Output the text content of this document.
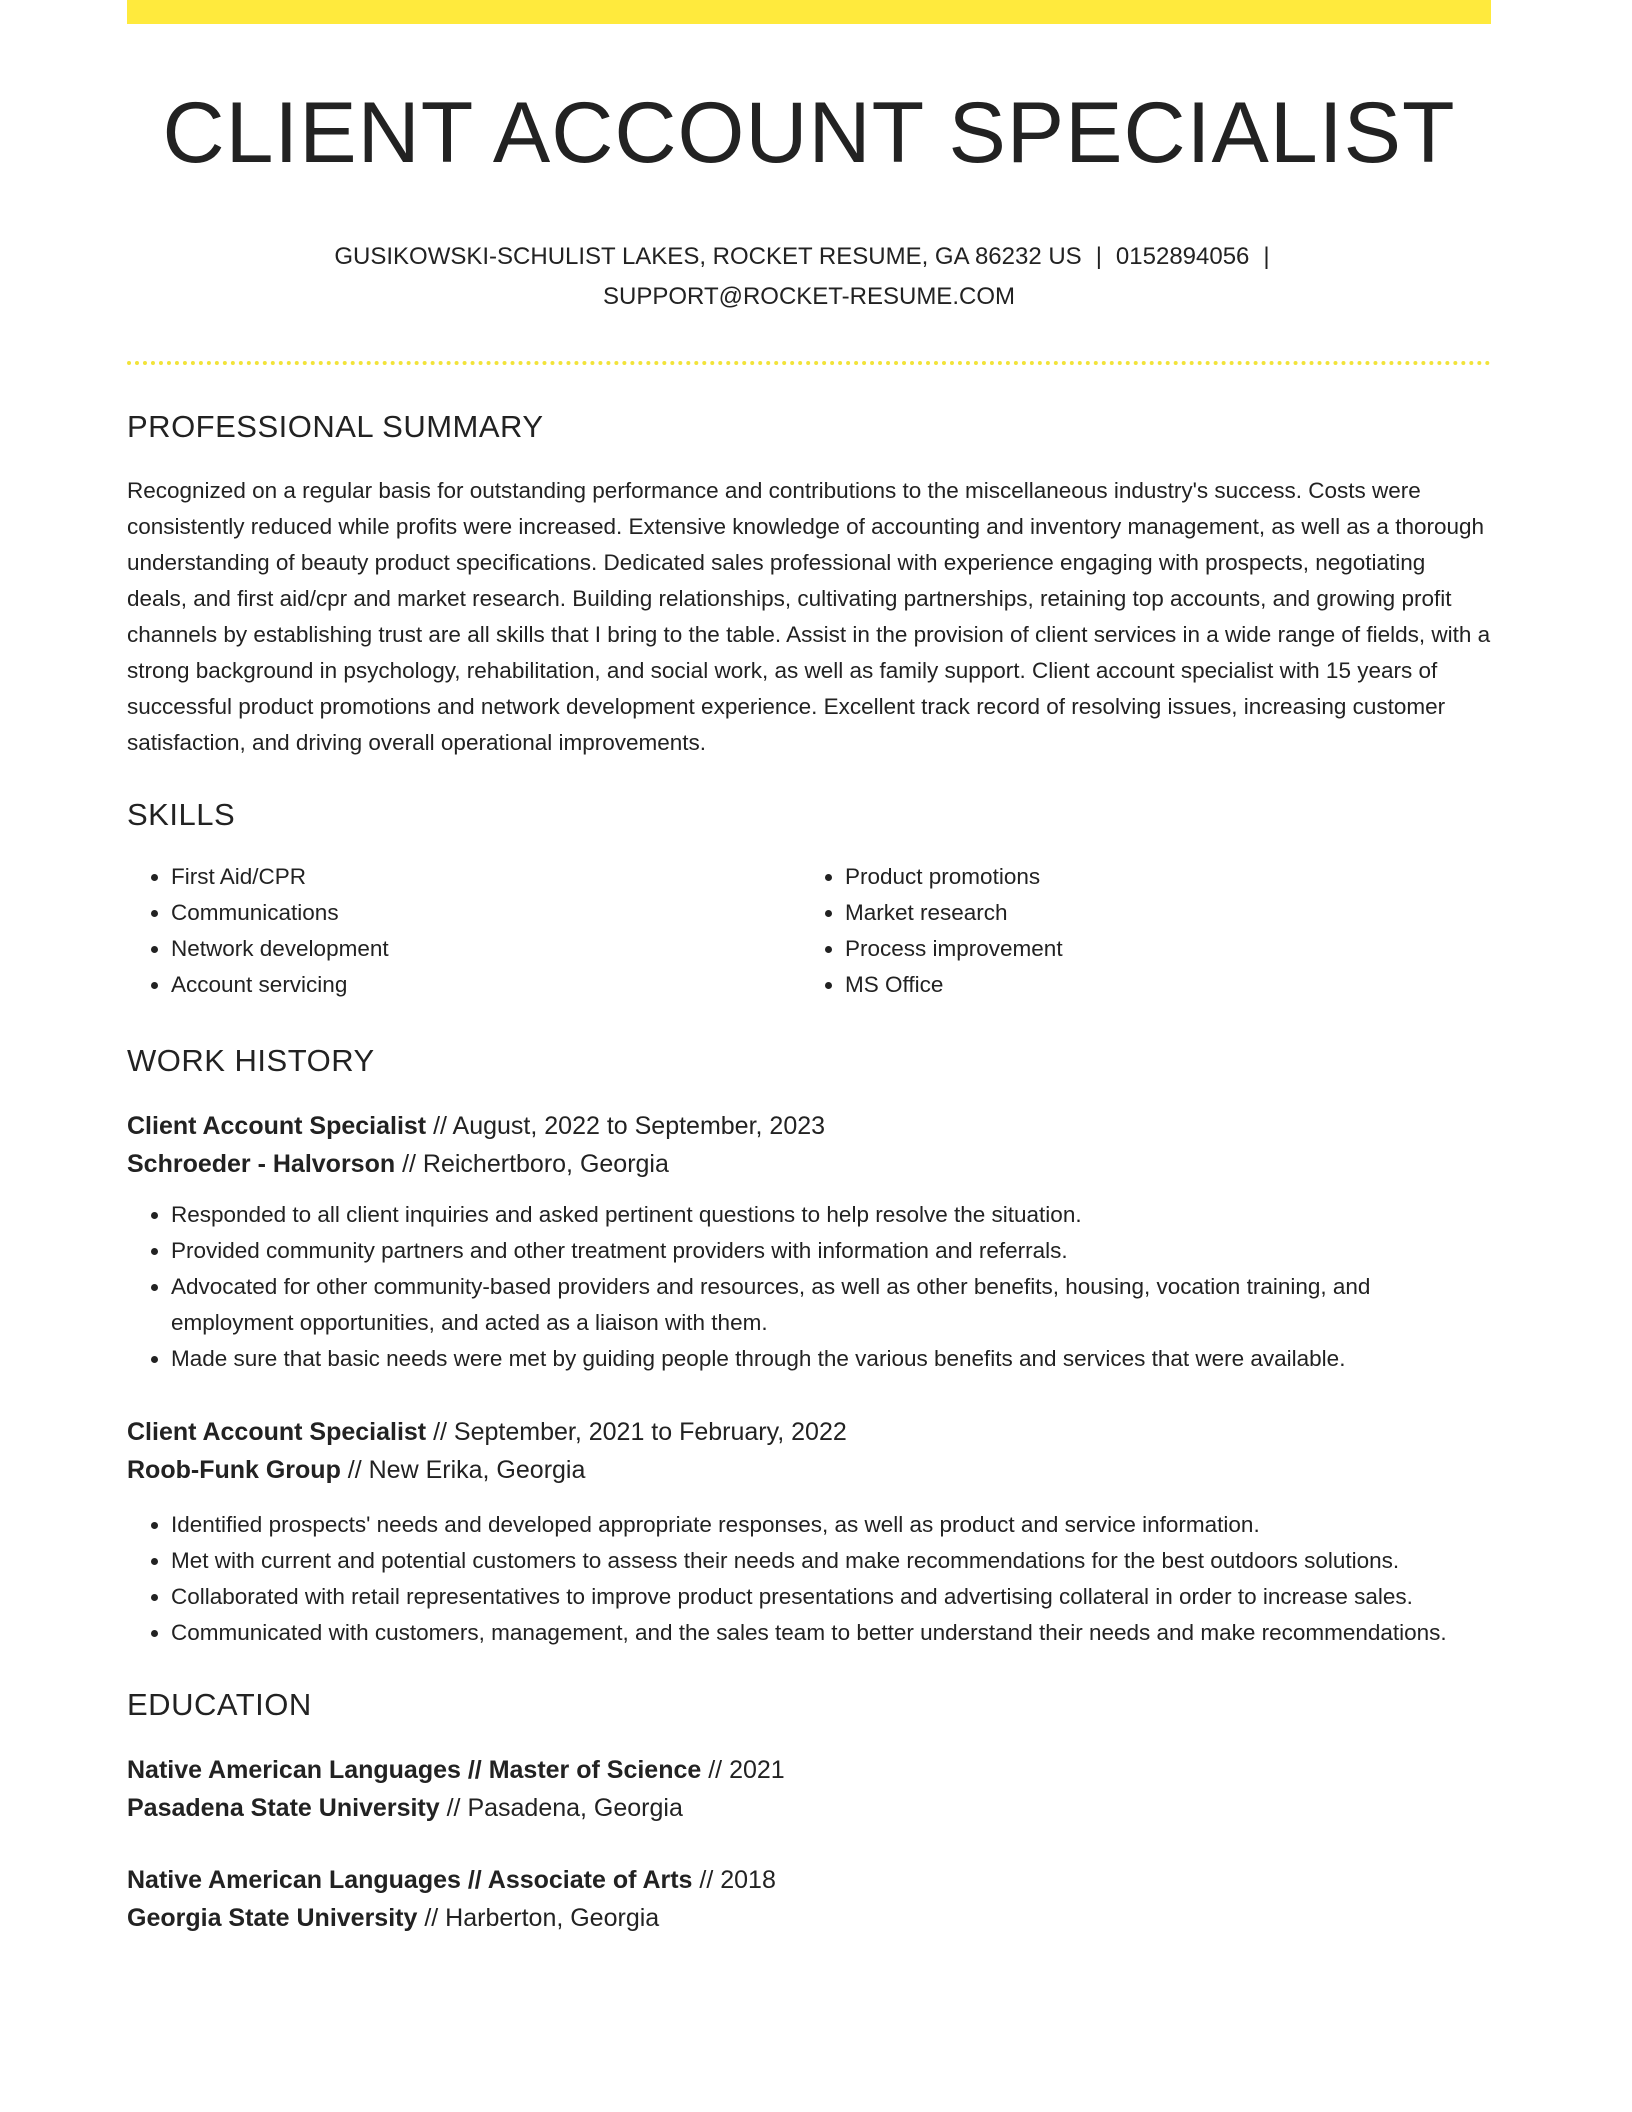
CLIENT ACCOUNT SPECIALIST
GUSIKOWSKI-SCHULIST LAKES, ROCKET RESUME, GA 86232 US | 0152894056 |
SUPPORT@ROCKET-RESUME.COM
PROFESSIONAL SUMMARY
Recognized on a regular basis for outstanding performance and contributions to the miscellaneous industry's success. Costs were consistently reduced while profits were increased. Extensive knowledge of accounting and inventory management, as well as a thorough understanding of beauty product specifications. Dedicated sales professional with experience engaging with prospects, negotiating deals, and first aid/cpr and market research. Building relationships, cultivating partnerships, retaining top accounts, and growing profit channels by establishing trust are all skills that I bring to the table. Assist in the provision of client services in a wide range of fields, with a strong background in psychology, rehabilitation, and social work, as well as family support. Client account specialist with 15 years of successful product promotions and network development experience. Excellent track record of resolving issues, increasing customer satisfaction, and driving overall operational improvements.
SKILLS
• First Aid/CPR
• Communications
• Network development
• Account servicing
• Product promotions
• Market research
• Process improvement
• MS Office
WORK HISTORY
Client Account Specialist // August, 2022 to September, 2023
Schroeder - Halvorson // Reichertboro, Georgia
• Responded to all client inquiries and asked pertinent questions to help resolve the situation.
• Provided community partners and other treatment providers with information and referrals.
• Advocated for other community-based providers and resources, as well as other benefits, housing, vocation training, and employment opportunities, and acted as a liaison with them.
• Made sure that basic needs were met by guiding people through the various benefits and services that were available.
Client Account Specialist // September, 2021 to February, 2022
Roob-Funk Group // New Erika, Georgia
• Identified prospects' needs and developed appropriate responses, as well as product and service information.
• Met with current and potential customers to assess their needs and make recommendations for the best outdoors solutions.
• Collaborated with retail representatives to improve product presentations and advertising collateral in order to increase sales.
• Communicated with customers, management, and the sales team to better understand their needs and make recommendations.
EDUCATION
Native American Languages // Master of Science // 2021
Pasadena State University // Pasadena, Georgia
Native American Languages // Associate of Arts // 2018
Georgia State University // Harberton, Georgia
